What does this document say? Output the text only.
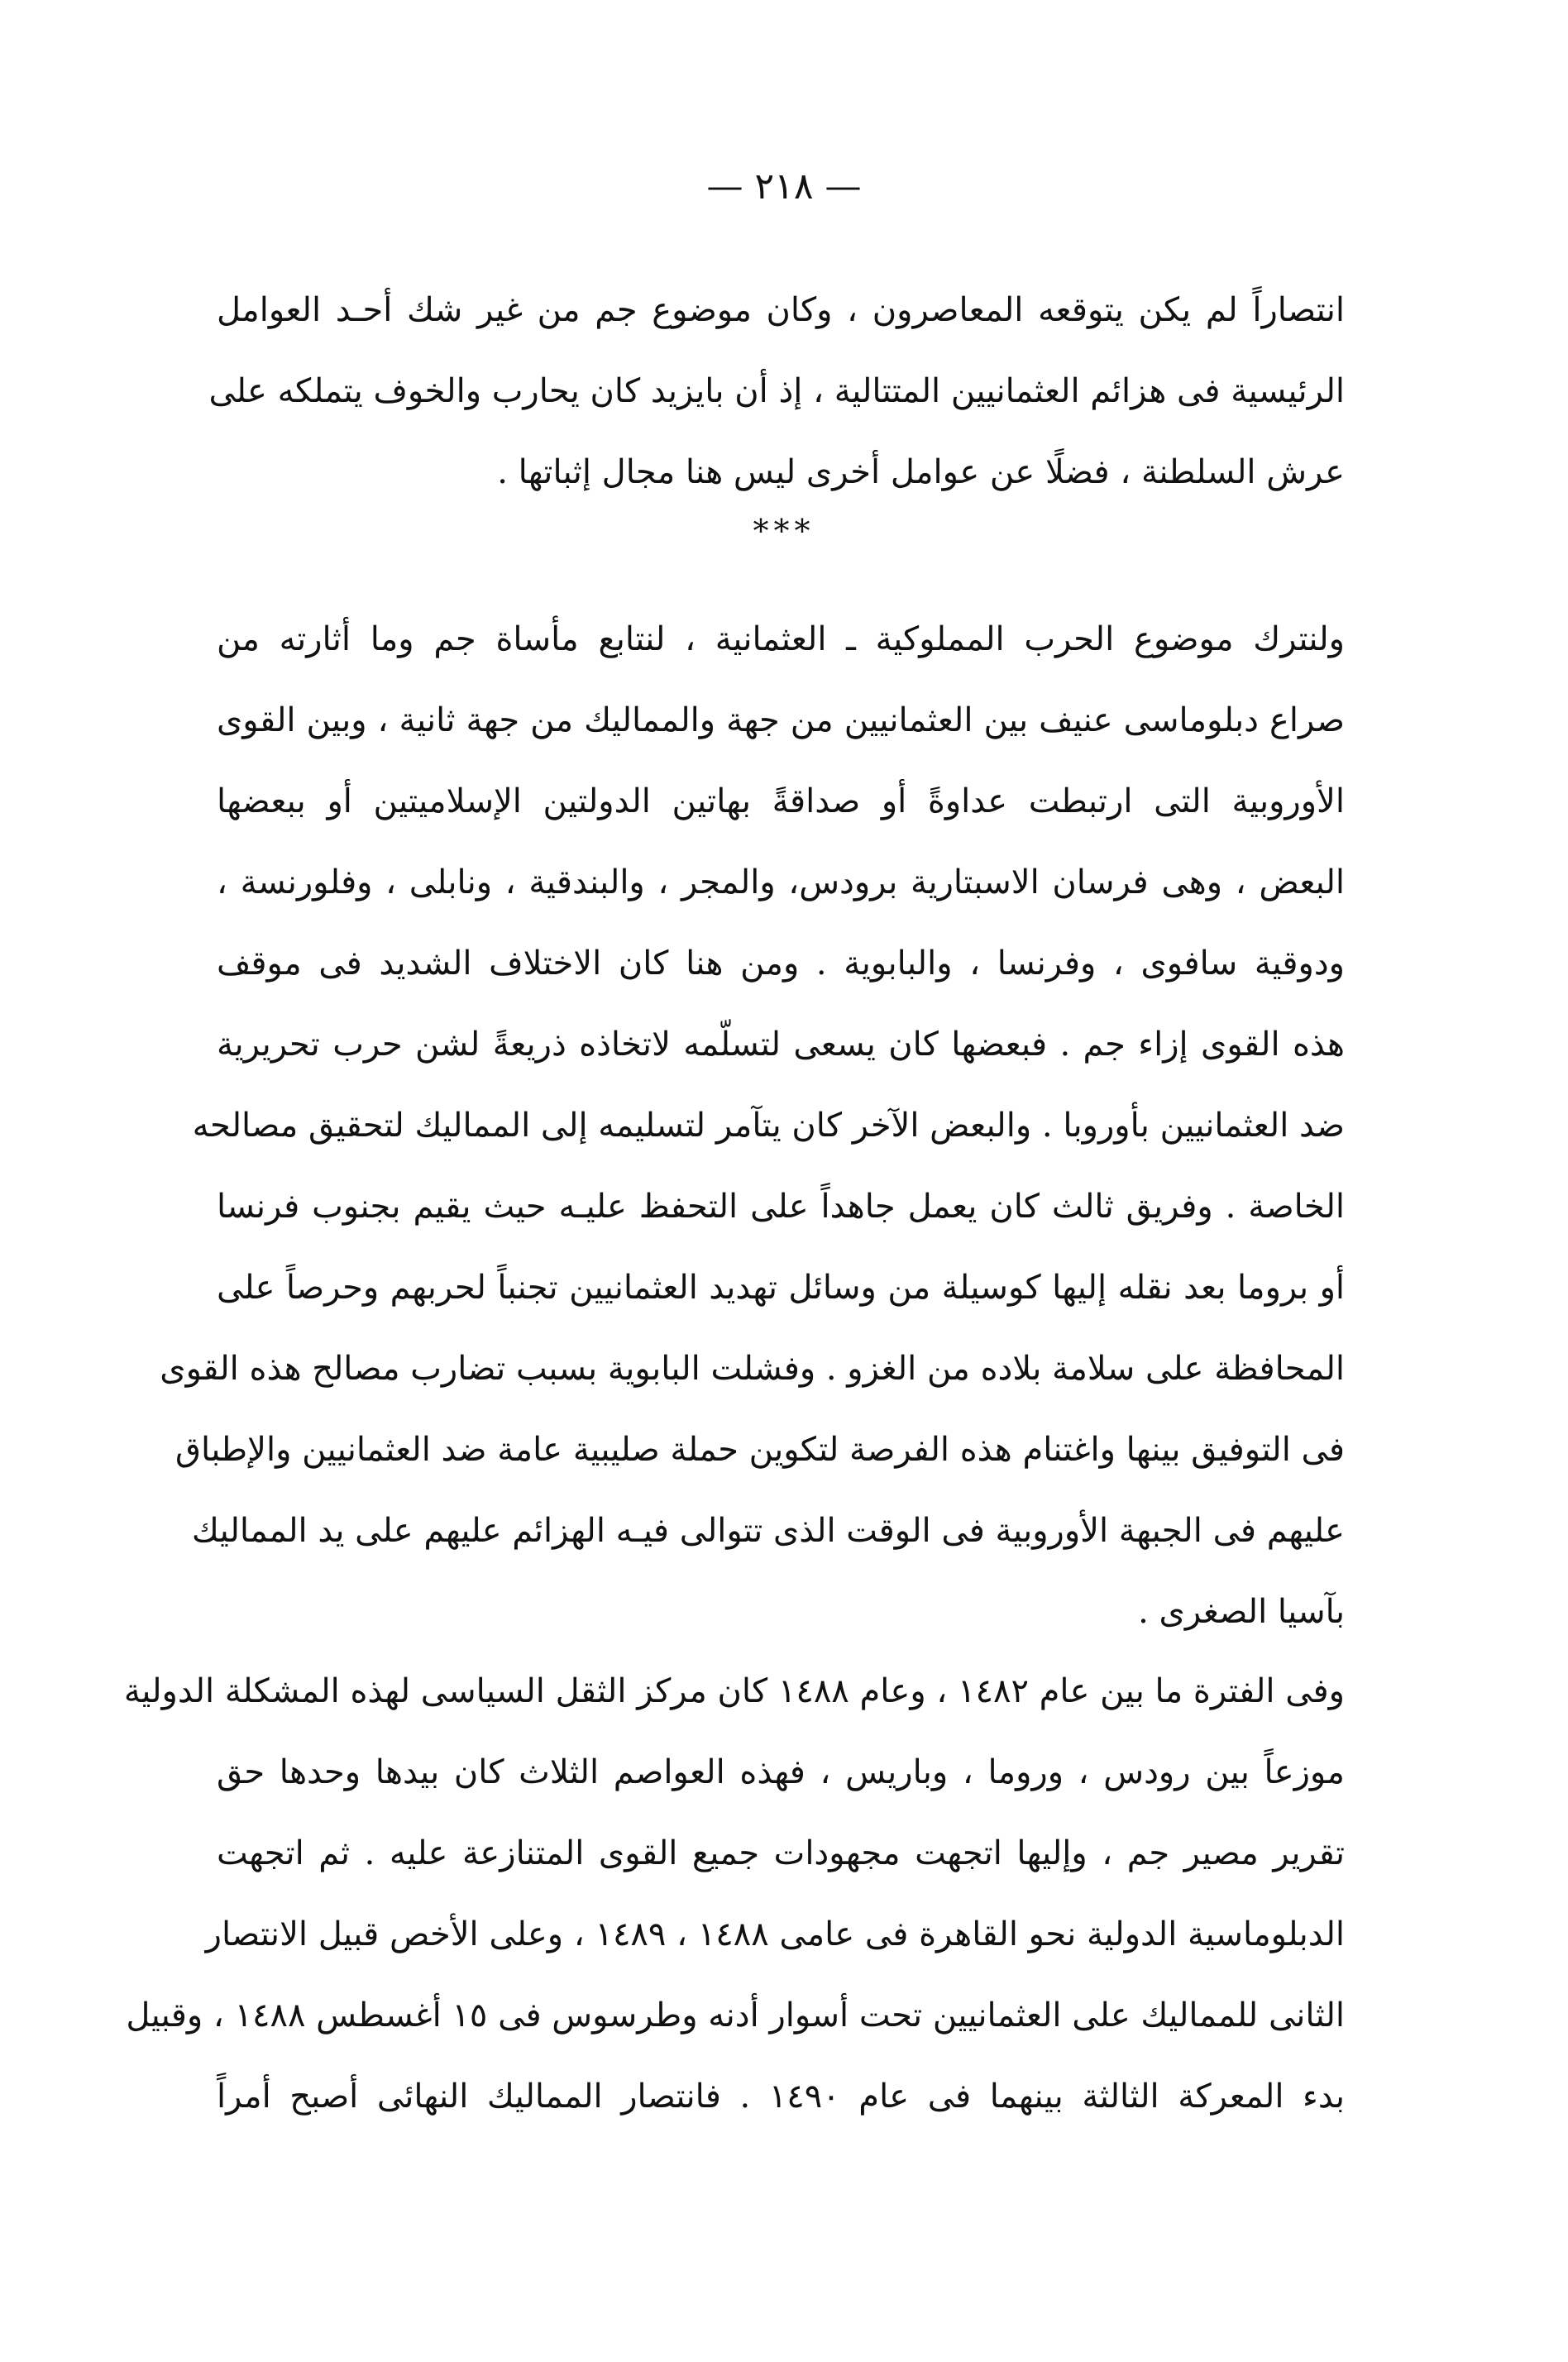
— ٢١٨ —
انتصاراً لم يكن يتوقعه المعاصرون ، وكان موضوع جم من غير شك أحـد العوامل
الرئيسية فى هزائم العثمانيين المتتالية ، إذ أن بايزيد كان يحارب والخوف يتملكه على
عرش السلطنة ، فضلًا عن عوامل أخرى ليس هنا مجال إثباتها .
***
ولنترك موضوع الحرب المملوكية ـ العثمانية ، لنتابع مأساة جم وما أثارته من
صراع دبلوماسى عنيف بين العثمانيين من جهة والمماليك من جهة ثانية ، وبين القوى
الأوروبية التى ارتبطت عداوةً أو صداقةً بهاتين الدولتين الإسلاميتين أو ببعضها
البعض ، وهى فرسان الاسبتارية برودس، والمجر ، والبندقية ، ونابلى ، وفلورنسة ،
ودوقية سافوى ، وفرنسا ، والبابوية . ومن هنا كان الاختلاف الشديد فى موقف
هذه القوى إزاء جم . فبعضها كان يسعى لتسلّمه لاتخاذه ذريعةً لشن حرب تحريرية
ضد العثمانيين بأوروبا . والبعض الآخر كان يتآمر لتسليمه إلى المماليك لتحقيق مصالحه
الخاصة . وفريق ثالث كان يعمل جاهداً على التحفظ عليـه حيث يقيم بجنوب فرنسا
أو بروما بعد نقله إليها كوسيلة من وسائل تهديد العثمانيين تجنباً لحربهم وحرصاً على
المحافظة على سلامة بلاده من الغزو . وفشلت البابوية بسبب تضارب مصالح هذه القوى
فى التوفيق بينها واغتنام هذه الفرصة لتكوين حملة صليبية عامة ضد العثمانيين والإطباق
عليهم فى الجبهة الأوروبية فى الوقت الذى تتوالى فيـه الهزائم عليهم على يد المماليك
بآسيا الصغرى .
وفى الفترة ما بين عام ١٤٨٢ ، وعام ١٤٨٨ كان مركز الثقل السياسى لهذه المشكلة الدولية
موزعاً بين رودس ، وروما ، وباريس ، فهذه العواصم الثلاث كان بيدها وحدها حق
تقرير مصير جم ، وإليها اتجهت مجهودات جميع القوى المتنازعة عليه . ثم اتجهت
الدبلوماسية الدولية نحو القاهرة فى عامى ١٤٨٨ ، ١٤٨٩ ، وعلى الأخص قبيل الانتصار
الثانى للمماليك على العثمانيين تحت أسوار أدنه وطرسوس فى ١٥ أغسطس ١٤٨٨ ، وقبيل
بدء المعركة الثالثة بينهما فى عام ١٤٩٠ . فانتصار المماليك النهائى أصبح أمراً
